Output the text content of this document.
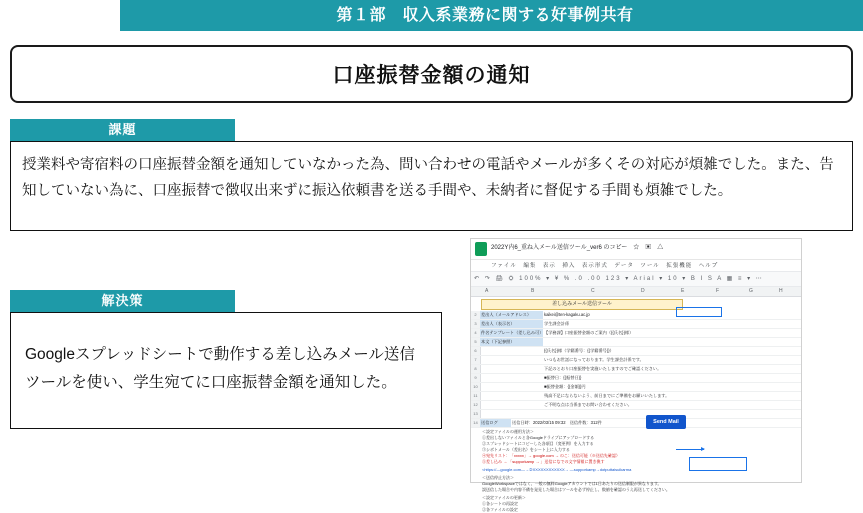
第１部　収入系業務に関する好事例共有
口座振替金額の通知
課題
授業料や寄宿料の口座振替金額を通知していなかった為、問い合わせの電話やメールが多くその対応が煩雑でした。また、告知していない為に、口座振替で徴収出来ずに振込依頼書を送る手間や、未納者に督促する手間も煩雑でした。
解決策
Googleスプレッドシートで動作する差し込みメール送信ツールを使い、学生宛てに口座振替金額を通知した。
2022Y内6_重ね入メール送信ツール_ver6 のコピー　☆　▣　△
ファイル　編集　表示　挿入　表示形式　データ　ツール　拡張機能　ヘルプ
↶ ↷ 🖨 ⛭ 100% ▾ ¥ % .0 .00 123 ▾ Arial ▾ 10 ▾ B I S A ▦ ≡ ▾ ⋯
A	B	C	D	E	F	G	H
差し込みメール送信ツール
2	差出人（メールアドレス）	kaikei@ten-kagaku.ac.jp
3	差出人（表示名）	学生課会計係
4	件名テンプレート（差し込み可） 【学務課】口座振替金額のご案内（{{氏名}}様）
5	本文（下記参照）
6	{{氏名}}様（学籍番号：{{学籍番号}}）
7	いつもお世話になっております。学生課会計係です。
8	下記のとおり口座振替を実施いたしますのでご確認ください。
9	■振替日：{{振替日}}
10	■振替金額：{{金額}}円
11	残高不足にならないよう、前日までにご準備をお願いいたします。
12	ご不明な点は当係までお問い合わせください。
13
14 送信ログ	送信日時：2022/03/15 09:32　送信件数：312件	Send Mail
＜設定ファイルの運用方法＞
①差出しないファイルと各Googleドライブにアップロードする
②スプレッドシートにコピーした各項目（変更例）を入力する
③シボトメール（差出名）をシート上に入力する
④宛先リスト：「xxxxx」→ google.com → のこ：送信可能（※送信先確認）
⑤差し込み → 「supporkamp → 」送信になでの文字情報に置き換す
<https://—google.com—→②XXXXXXXXXXXX→ —supporkamp→dotputtaisuikarma
＜送信停止方法＞
GoogleWorkspaceではなく、一般の無料Googleアカウントでは1日あたりの送信制限が異なります。
誤送信した場合や内容不備を発見した場合はツールを必ず停止し、数値を確認のうえ再送してください。
＜設定ファイルの更新＞
①各シートの再設定
②各ファイルの設定
